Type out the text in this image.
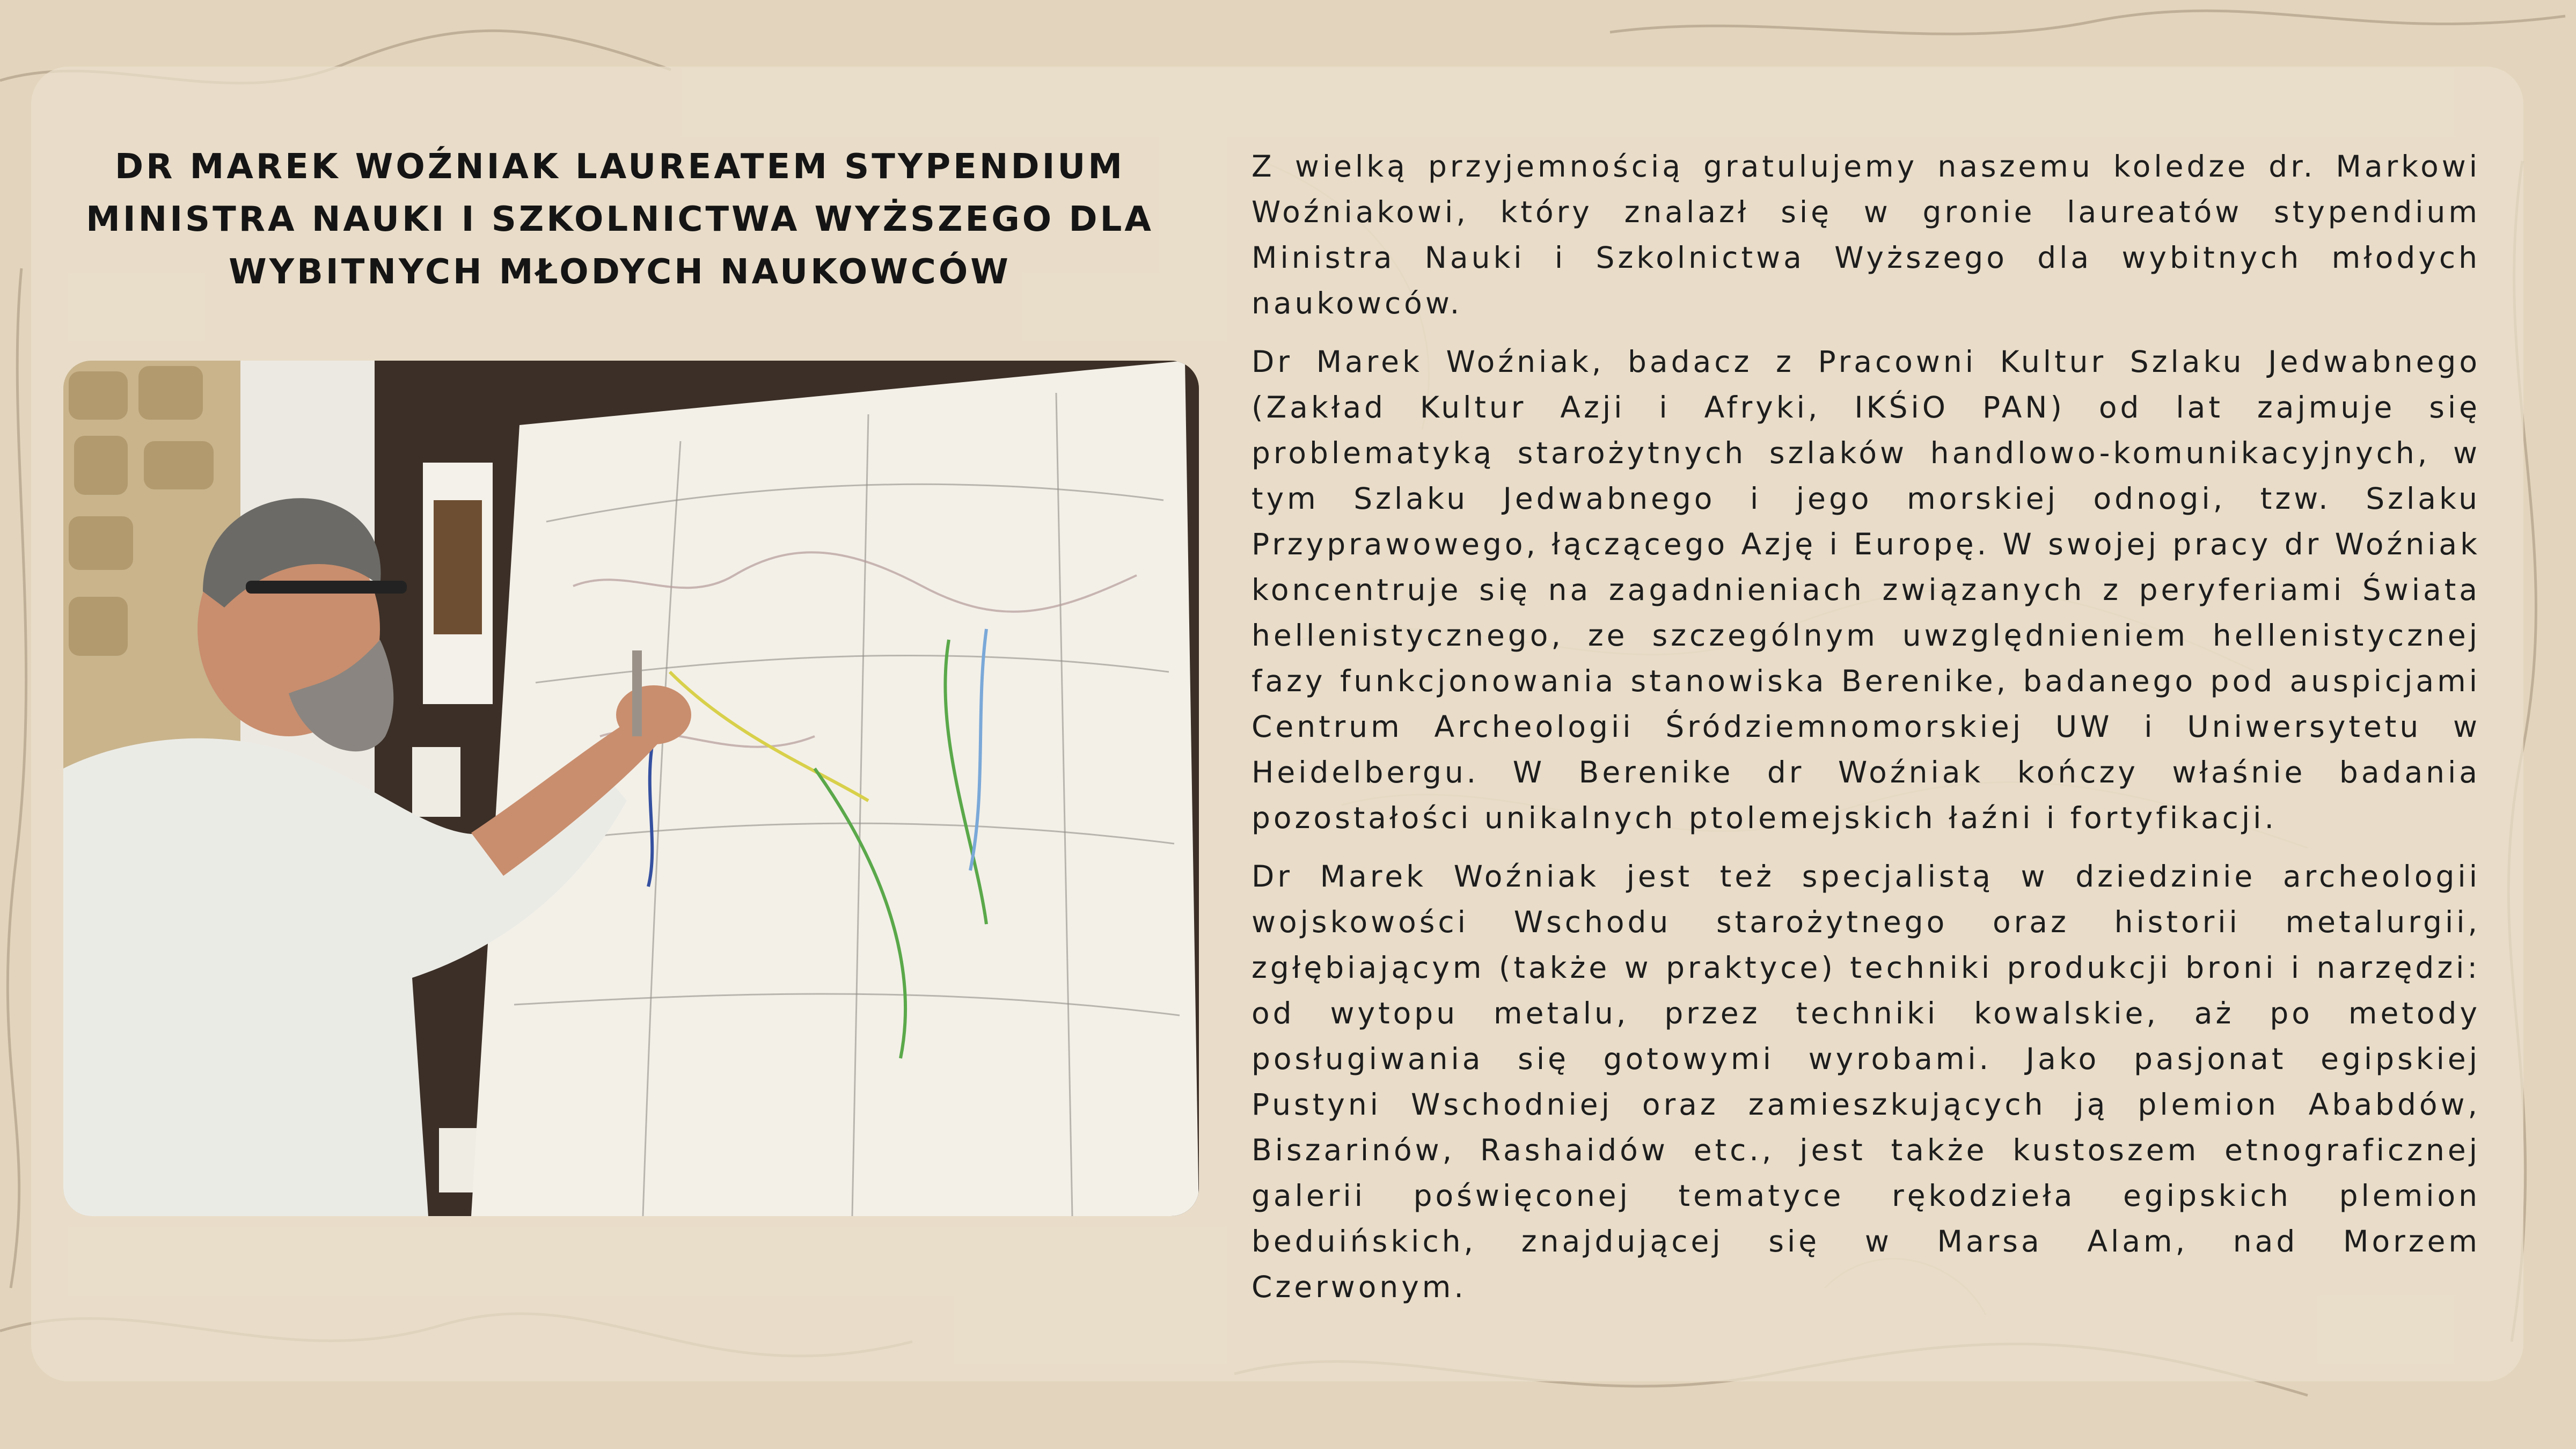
DR MAREK WOŹNIAK LAUREATEM STYPENDIUM MINISTRA NAUKI I SZKOLNICTWA WYŻSZEGO DLA WYBITNYCH MŁODYCH NAUKOWCÓW

Z wielką przyjemnością gratulujemy naszemu koledze dr. Markowi Woźniakowi, który znalazł się w gronie laureatów stypendium Ministra Nauki i Szkolnictwa Wyższego dla wybitnych młodych naukowców.

Dr Marek Woźniak, badacz z Pracowni Kultur Szlaku Jedwabnego (Zakład Kultur Azji i Afryki, IKŚiO PAN) od lat zajmuje się problematyką starożytnych szlaków handlowo-komunikacyjnych, w tym Szlaku Jedwabnego i jego morskiej odnogi, tzw. Szlaku Przyprawowego, łączącego Azję i Europę. W swojej pracy dr Woźniak koncentruje się na zagadnieniach związanych z peryferiami Świata hellenistycznego, ze szczególnym uwzględnieniem hellenistycznej fazy funkcjonowania stanowiska Berenike, badanego pod auspicjami Centrum Archeologii Śródziemnomorskiej UW i Uniwersytetu w Heidelbergu. W Berenike dr Woźniak kończy właśnie badania pozostałości unikalnych ptolemejskich łaźni i fortyfikacji.

Dr Marek Woźniak jest też specjalistą w dziedzinie archeologii wojskowości Wschodu starożytnego oraz historii metalurgii, zgłębiającym (także w praktyce) techniki produkcji broni i narzędzi: od wytopu metalu, przez techniki kowalskie, aż po metody posługiwania się gotowymi wyrobami. Jako pasjonat egipskiej Pustyni Wschodniej oraz zamieszkujących ją plemion Ababdów, Biszarinów, Rashaidów etc., jest także kustoszem etnograficznej galerii poświęconej tematyce rękodzieła egipskich plemion beduińskich, znajdującej się w Marsa Alam, nad Morzem Czerwonym.
